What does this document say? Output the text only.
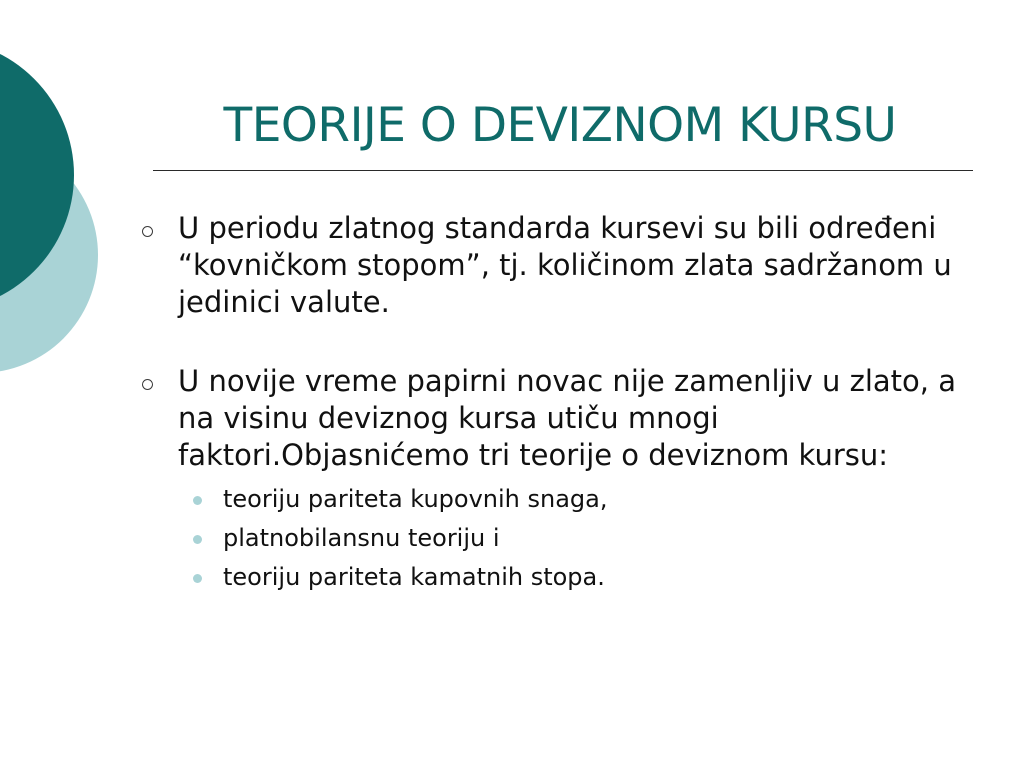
TEORIJE O DEVIZNOM KURSU
U periodu zlatnog standarda kursevi su bili određeni “kovničkom stopom”, tj. količinom zlata sadržanom u jedinici valute.
U novije vreme papirni novac nije zamenljiv u zlato, a na visinu deviznog kursa utiču mnogi faktori.Objasnićemo tri teorije o deviznom kursu:
teoriju pariteta kupovnih snaga,
platnobilansnu teoriju i
teoriju pariteta kamatnih stopa.
